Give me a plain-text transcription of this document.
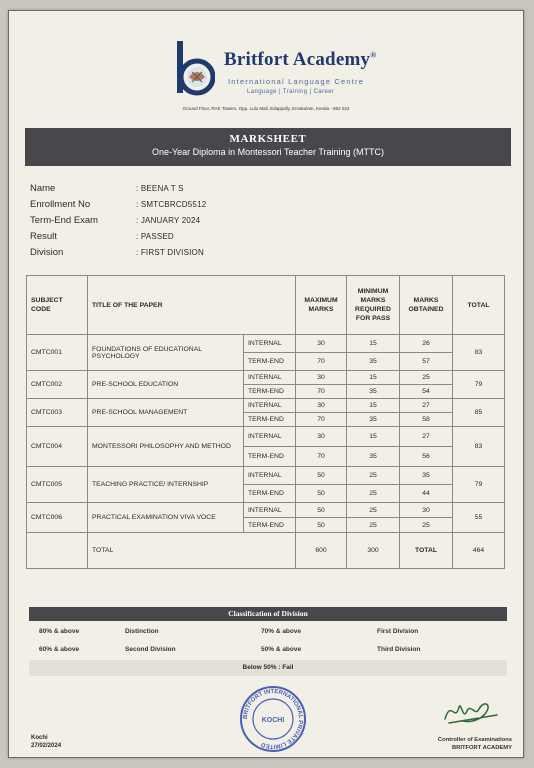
Britfort Academy®
International Language Centre
Language | Training | Career
Ground Floor, RAK Towers, Opp. Lulu Mall, Edappally, Ernakulam, Kerala - 682 024
MARKSHEET
One-Year Diploma in Montessori Teacher Training (MTTC)
Name	: BEENA T S
Enrollment No	: SMTCBRCD5512
Term-End Exam	: JANUARY 2024
Result	: PASSED
Division	: FIRST DIVISION
SUBJECT CODE	TITLE OF THE PAPER		MAXIMUM MARKS	MINIMUM MARKS REQUIRED FOR PASS	MARKS OBTAINED	TOTAL
CMTC001	FOUNDATIONS OF EDUCATIONAL PSYCHOLOGY	INTERNAL	30	15	26	83
		TERM-END	70	35	57	
CMTC002	PRE-SCHOOL EDUCATION	INTERNAL	30	15	25	79
		TERM-END	70	35	54	
CMTC003	PRE-SCHOOL MANAGEMENT	INTERNAL	30	15	27	85
		TERM-END	70	35	58	
CMTC004	MONTESSORI PHILOSOPHY AND METHOD	INTERNAL	30	15	27	83
		TERM-END	70	35	56	
CMTC005	TEACHING PRACTICE/ INTERNSHIP	INTERNAL	50	25	35	79
		TERM-END	50	25	44	
CMTC006	PRACTICAL EXAMINATION VIVA VOCE	INTERNAL	50	25	30	55
		TERM-END	50	25	25	
	TOTAL		600	300	TOTAL	464
Classification of Division
80% & above	Distinction	70% & above	First Division
60% & above	Second Division	50% & above	Third Division
Below 50% : Fail
BRITFORT INTERNATIONAL PRIVATE LIMITED
KOCHI
Kochi
27/02/2024
Controller of Examinations
BRITFORT ACADEMY
